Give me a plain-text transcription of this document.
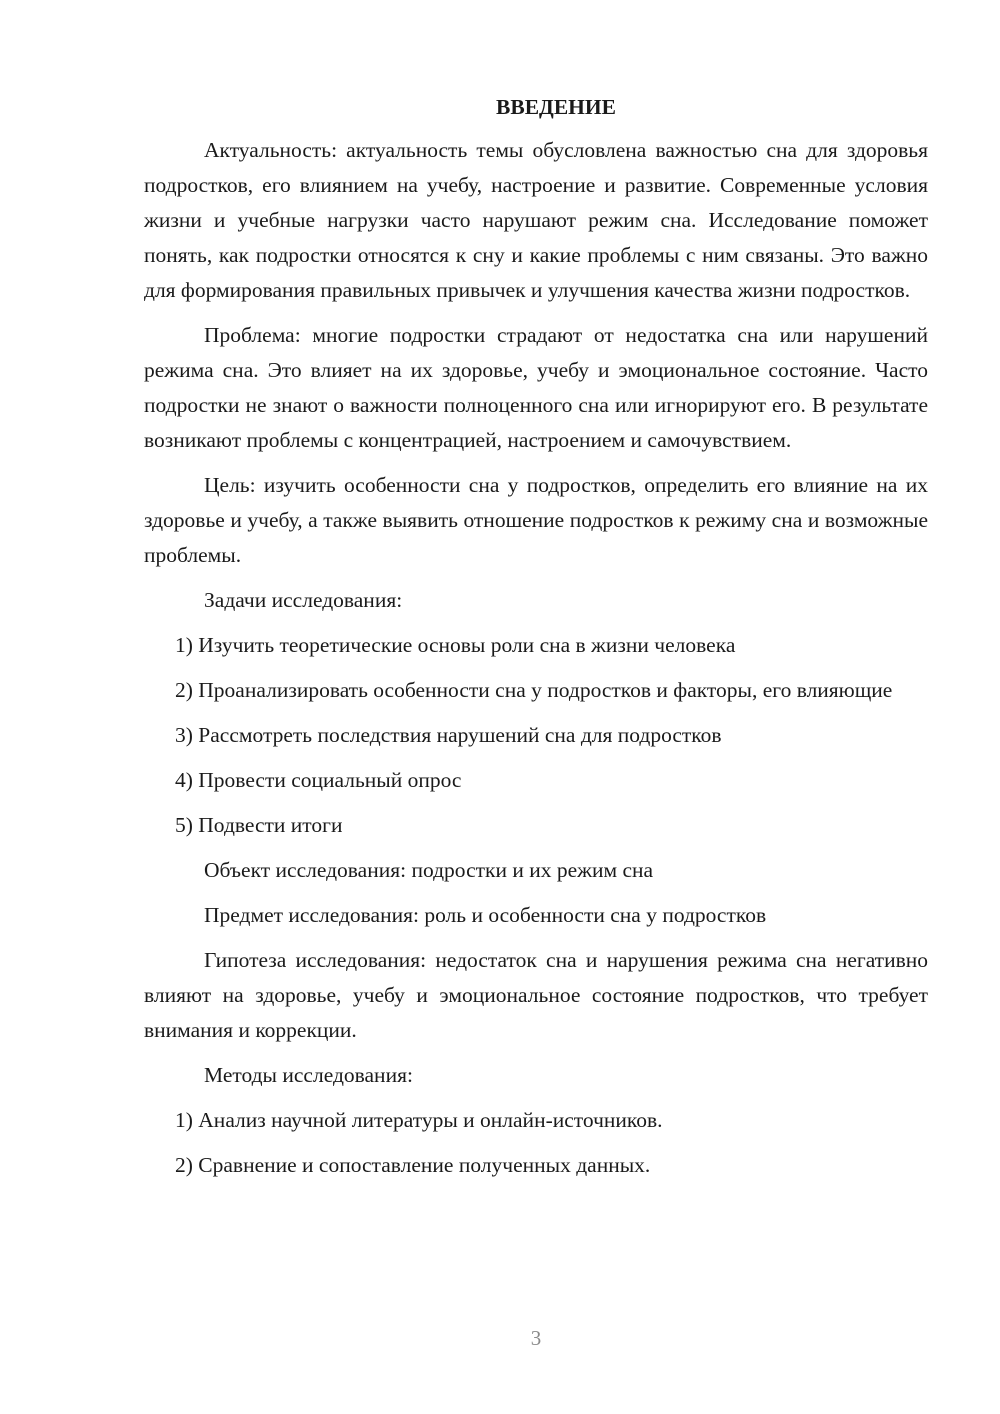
ВВЕДЕНИЕ

Актуальность: актуальность темы обусловлена важностью сна для здоровья подростков, его влиянием на учебу, настроение и развитие. Современные условия жизни и учебные нагрузки часто нарушают режим сна. Исследование поможет понять, как подростки относятся к сну и какие проблемы с ним связаны. Это важно для формирования правильных привычек и улучшения качества жизни подростков.

Проблема: многие подростки страдают от недостатка сна или нарушений режима сна. Это влияет на их здоровье, учебу и эмоциональное состояние. Часто подростки не знают о важности полноценного сна или игнорируют его. В результате возникают проблемы с концентрацией, настроением и самочувствием.

Цель: изучить особенности сна у подростков, определить его влияние на их здоровье и учебу, а также выявить отношение подростков к режиму сна и возможные проблемы.

Задачи исследования:

1) Изучить теоретические основы роли сна в жизни человека

2) Проанализировать особенности сна у подростков и факторы, его влияющие

3) Рассмотреть последствия нарушений сна для подростков

4) Провести социальный опрос

5) Подвести итоги

Объект исследования: подростки и их режим сна

Предмет исследования: роль и особенности сна у подростков

Гипотеза исследования: недостаток сна и нарушения режима сна негативно влияют на здоровье, учебу и эмоциональное состояние подростков, что требует внимания и коррекции.

Методы исследования:

1) Анализ научной литературы и онлайн-источников.

2) Сравнение и сопоставление полученных данных.

3
